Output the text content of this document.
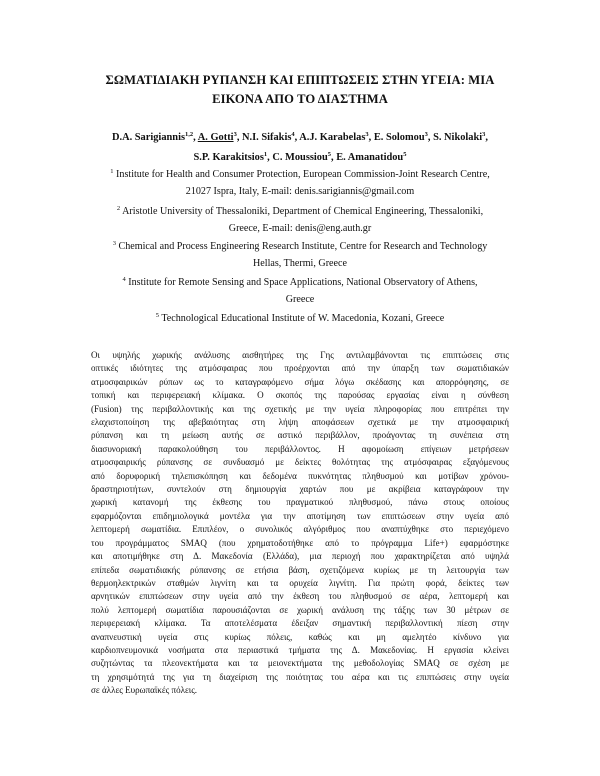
ΣΩΜΑΤΙΔΙΑΚΗ ΡΥΠΑΝΣΗ ΚΑΙ ΕΠΙΠΤΩΣΕΙΣ ΣΤΗΝ ΥΓΕΙΑ: ΜΙΑ
ΕΙΚΟΝΑ ΑΠΟ ΤΟ ΔΙΑΣΤΗΜΑ
D.A. Sarigiannis$^{1,2}$, A. Gotti$^3$, N.I. Sifakis$^4$, A.J. Karabelas$^3$, E. Solomou$^3$, S. Nikolaki$^3$,
S.P. Karakitsios$^1$, C. Moussiou$^5$, E. Amanatidou$^5$
$^1$ Institute for Health and Consumer Protection, European Commission-Joint Research Centre,
21027 Ispra, Italy, E-mail: denis.sarigiannis@gmail.com
$^2$ Aristotle University of Thessaloniki, Department of Chemical Engineering, Thessaloniki,
Greece, E-mail: denis@eng.auth.gr
$^3$ Chemical and Process Engineering Research Institute, Centre for Research and Technology
Hellas, Thermi, Greece
$^4$ Institute for Remote Sensing and Space Applications, National Observatory of Athens,
Greece
$^5$ Technological Educational Institute of W. Macedonia, Kozani, Greece
Οι υψηλής χωρικής ανάλυσης αισθητήρες της Γης αντιλαμβάνονται τις επιπτώσεις στις
οπτικές ιδιότητες της ατμόσφαιρας που προέρχονται από την ύπαρξη των σωματιδιακών
ατμοσφαιρικών ρύπων ως το καταγραφόμενο σήμα λόγω σκέδασης και απορρόφησης, σε
τοπική και περιφερειακή κλίμακα. Ο σκοπός της παρούσας εργασίας είναι η σύνθεση
(Fusion) της περιβαλλοντικής και της σχετικής με την υγεία πληροφορίας που επιτρέπει την
ελαχιστοποίηση της αβεβαιότητας στη λήψη αποφάσεων σχετικά με την ατμοσφαιρική
ρύπανση και τη μείωση αυτής σε αστικό περιβάλλον, προάγοντας τη συνέπεια στη
διασυνοριακή παρακολούθηση του περιβάλλοντος. Η αφομοίωση επίγειων μετρήσεων
ατμοσφαιρικής ρύπανσης σε συνδυασμό με δείκτες θολότητας της ατμόσφαιρας εξαγόμενους
από δορυφορική τηλεπισκόπηση και δεδομένα πυκνότητας πληθυσμού και μοτίβων χρόνου-
δραστηριοτήτων, συντελούν στη δημιουργία χαρτών που με ακρίβεια καταγράφουν την
χωρική κατανομή της έκθεσης του πραγματικού πληθυσμού, πάνω στους οποίους
εφαρμόζονται επιδημιολογικά μοντέλα για την αποτίμηση των επιπτώσεων στην υγεία από
λεπτομερή σωματίδια. Επιπλέον, ο συνολικός αλγόριθμος που αναπτύχθηκε στο περιεχόμενο
του προγράμματος SMAQ (που χρηματοδοτήθηκε από το πρόγραμμα Life+) εφαρμόστηκε
και αποτιμήθηκε στη Δ. Μακεδονία (Ελλάδα), μια περιοχή που χαρακτηρίζεται από υψηλά
επίπεδα σωματιδιακής ρύπανσης σε ετήσια βάση, σχετιζόμενα κυρίως με τη λειτουργία των
θερμοηλεκτρικών σταθμών λιγνίτη και τα ορυχεία λιγνίτη. Για πρώτη φορά, δείκτες των
αρνητικών επιπτώσεων στην υγεία από την έκθεση του πληθυσμού σε αέρα, λεπτομερή και
πολύ λεπτομερή σωματίδια παρουσιάζονται σε χωρική ανάλυση της τάξης των 30 μέτρων σε
περιφερειακή κλίμακα. Τα αποτελέσματα έδειξαν σημαντική περιβαλλοντική πίεση στην
αναπνευστική υγεία στις κυρίως πόλεις, καθώς και μη αμελητέο κίνδυνο για
καρδιοπνευμονικά νοσήματα στα περιαστικά τμήματα της Δ. Μακεδονίας. Η εργασία κλείνει
συζητώντας τα πλεονεκτήματα και τα μειονεκτήματα της μεθοδολογίας SMAQ σε σχέση με
τη χρησιμότητά της για τη διαχείριση της ποιότητας του αέρα και τις επιπτώσεις στην υγεία
σε άλλες Ευρωπαϊκές πόλεις.
